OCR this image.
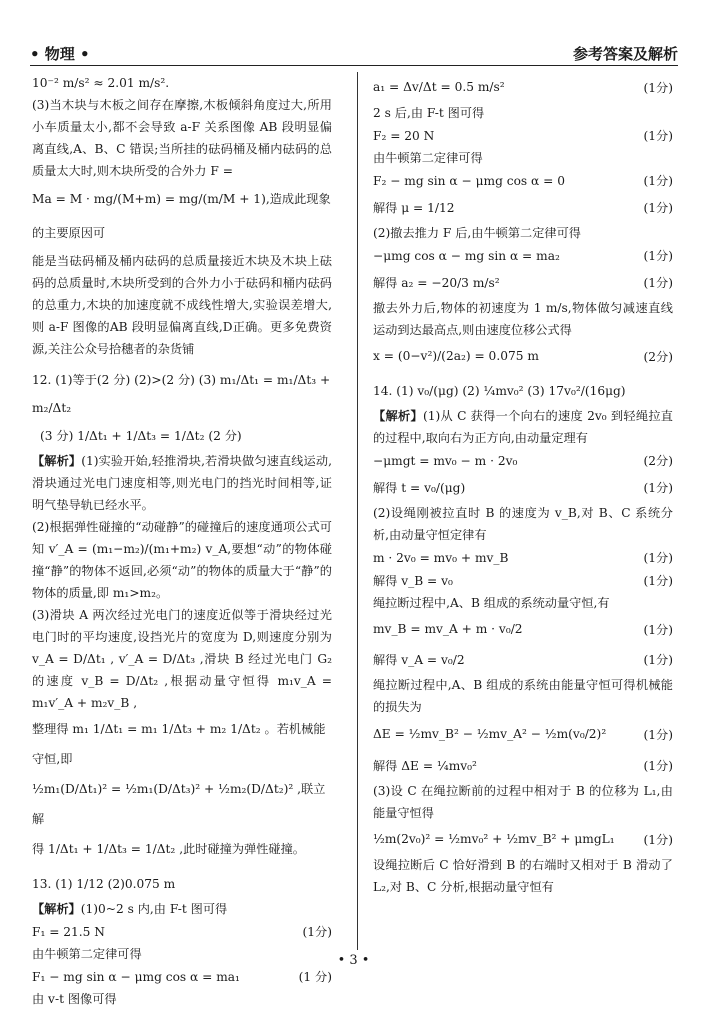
• 物理 •	参考答案及解析

10⁻² m/s² ≈ 2.01 m/s².

(3)当木块与木板之间存在摩擦,木板倾斜角度过大,所用小车质量太小,都不会导致 a-F 关系图像 AB 段明显偏离直线,A、B、C 错误;当所挂的砝码桶及桶内砝码的总质量太大时,则木块所受的合外力 F =

Ma = M · mg/(M+m) = mg/(m/M + 1),造成此现象的主要原因可

能是当砝码桶及桶内砝码的总质量接近木块及木块上砝码的总质量时,木块所受到的合外力小于砝码和桶内砝码的总重力,木块的加速度就不成线性增大,实验误差增大,则 a-F 图像的AB 段明显偏离直线,D正确。更多免费资源,关注公众号拾穗者的杂货铺

12. (1)等于(2 分) (2)>(2 分) (3) m₁/Δt₁ = m₁/Δt₃ + m₂/Δt₂

(3 分) 1/Δt₁ + 1/Δt₃ = 1/Δt₂ (2 分)

【解析】(1)实验开始,轻推滑块,若滑块做匀速直线运动,滑块通过光电门速度相等,则光电门的挡光时间相等,证明气垫导轨已经水平。

(2)根据弹性碰撞的“动碰静”的碰撞后的速度通项公式可知 v′_A = (m₁−m₂)/(m₁+m₂) v_A,要想“动”的物体碰撞“静”的物体不返回,必须“动”的物体的质量大于“静”的物体的质量,即 m₁>m₂。

(3)滑块 A 两次经过光电门的速度近似等于滑块经过光电门时的平均速度,设挡光片的宽度为 D,则速度分别为 v_A = D/Δt₁ , v′_A = D/Δt₃ ,滑块 B 经过光电门 G₂ 的速度 v_B = D/Δt₂ ,根据动量守恒得 m₁v_A = m₁v′_A + m₂v_B ,

整理得 m₁ 1/Δt₁ = m₁ 1/Δt₃ + m₂ 1/Δt₂ 。若机械能守恒,即

½m₁(D/Δt₁)² = ½m₁(D/Δt₃)² + ½m₂(D/Δt₂)² ,联立解

得 1/Δt₁ + 1/Δt₃ = 1/Δt₂ ,此时碰撞为弹性碰撞。

13. (1) 1/12 (2)0.075 m

【解析】(1)0~2 s 内,由 F-t 图可得

F₁ = 21.5 N	(1分)

由牛顿第二定律可得

F₁ − mg sin α − μmg cos α = ma₁	(1 分)

由 v-t 图像可得

a₁ = Δv/Δt = 0.5 m/s²	(1分)

2 s 后,由 F-t 图可得

F₂ = 20 N	(1分)

由牛顿第二定律可得

F₂ − mg sin α − μmg cos α = 0	(1分)
解得 μ = 1/12	(1分)

(2)撤去推力 F 后,由牛顿第二定律可得

−μmg cos α − mg sin α = ma₂	(1分)
解得 a₂ = −20/3 m/s²	(1分)

撤去外力后,物体的初速度为 1 m/s,物体做匀减速直线运动到达最高点,则由速度位移公式得

x = (0−v²)/(2a₂) = 0.075 m	(2分)

14. (1) v₀/(μg) (2) ¼mv₀² (3) 17v₀²/(16μg)

【解析】(1)从 C 获得一个向右的速度 2v₀ 到轻绳拉直的过程中,取向右为正方向,由动量定理有

−μmgt = mv₀ − m · 2v₀	(2分)
解得 t = v₀/(μg)	(1分)

(2)设绳刚被拉直时 B 的速度为 v_B,对 B、C 系统分析,由动量守恒定律有

m · 2v₀ = mv₀ + mv_B	(1分)
解得 v_B = v₀	(1分)

绳拉断过程中,A、B 组成的系统动量守恒,有

mv_B = mv_A + m · v₀/2	(1分)
解得 v_A = v₀/2	(1分)

绳拉断过程中,A、B 组成的系统由能量守恒可得机械能的损失为

ΔE = ½mv_B² − ½mv_A² − ½m(v₀/2)²	(1分)
解得 ΔE = ¼mv₀²	(1分)

(3)设 C 在绳拉断前的过程中相对于 B 的位移为 L₁,由能量守恒得

½m(2v₀)² = ½mv₀² + ½mv_B² + μmgL₁	(1分)

设绳拉断后 C 恰好滑到 B 的右端时又相对于 B 滑动了 L₂,对 B、C 分析,根据动量守恒有

• 3 •
